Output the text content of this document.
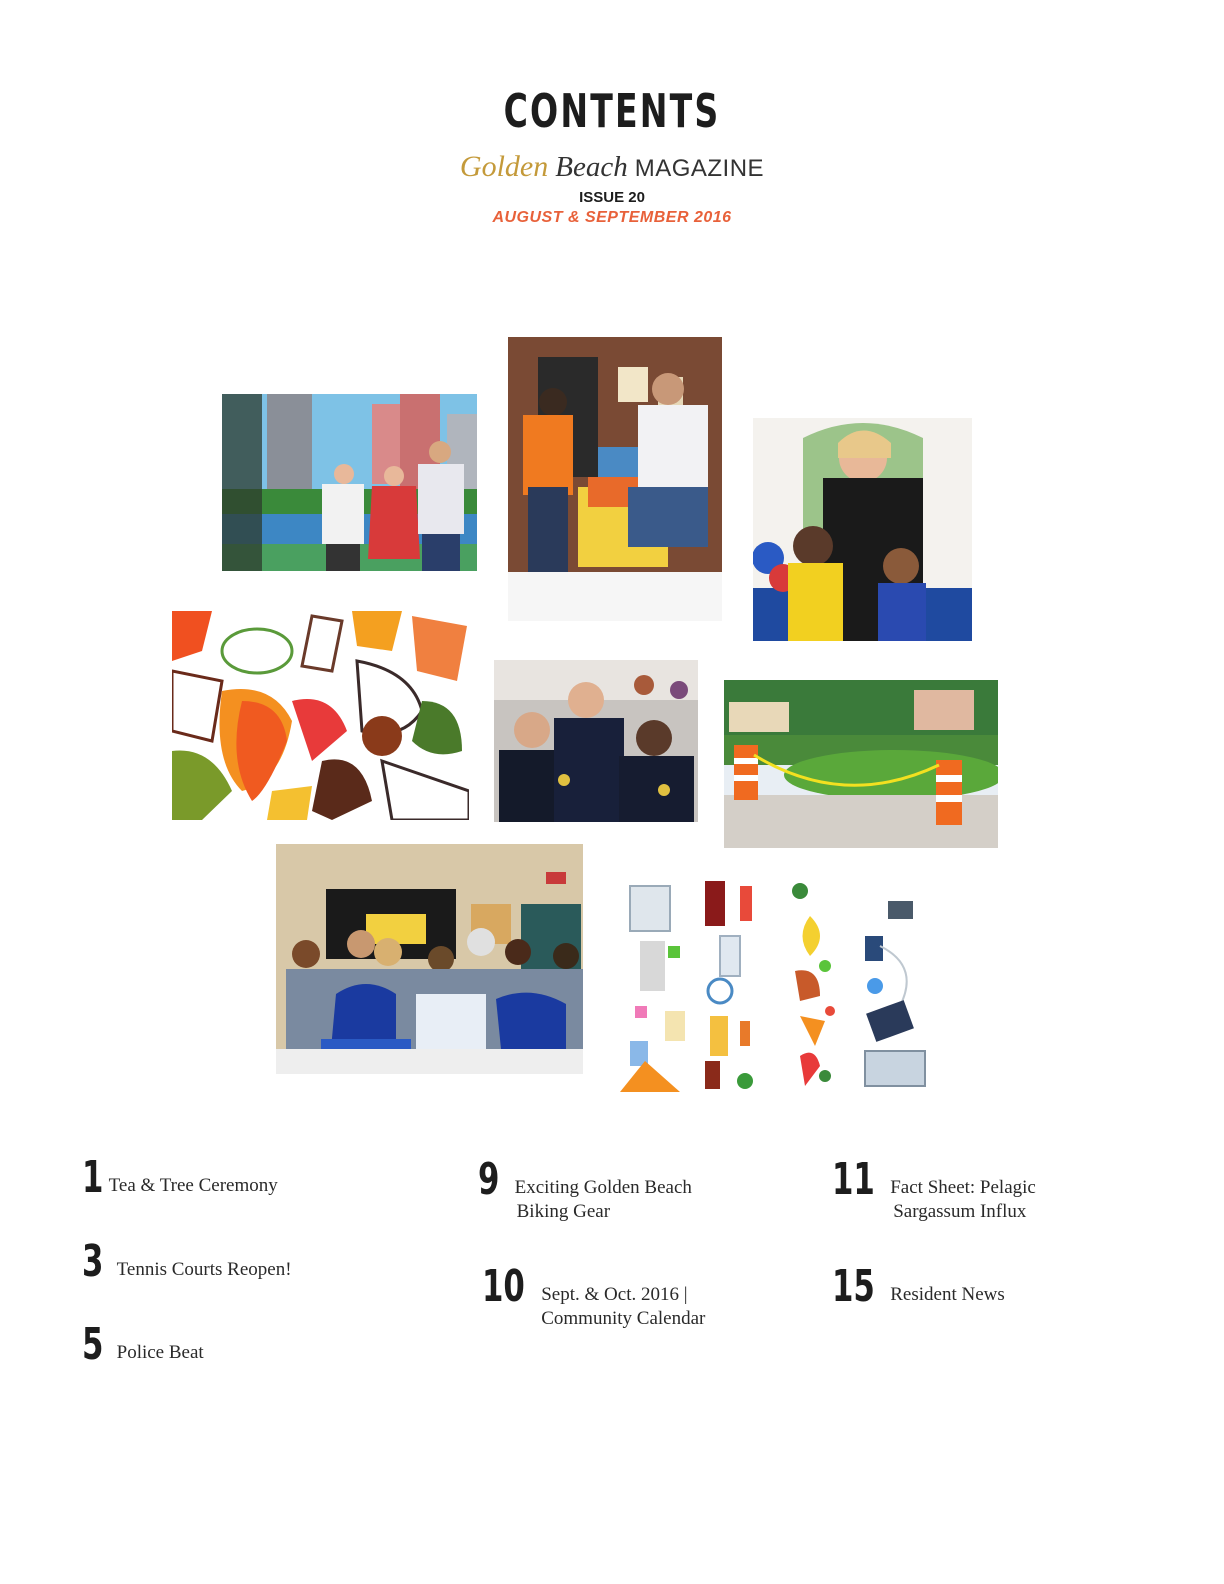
CONTENTS
Golden Beach MAGAZINE
ISSUE 20
AUGUST & SEPTEMBER 2016
1 Tea & Tree Ceremony
3 Tennis Courts Reopen!
5 Police Beat
9 Exciting Golden Beach
Biking Gear
10 Sept. & Oct. 2016 |
Community Calendar
11 Fact Sheet: Pelagic
Sargassum Influx
15 Resident News
